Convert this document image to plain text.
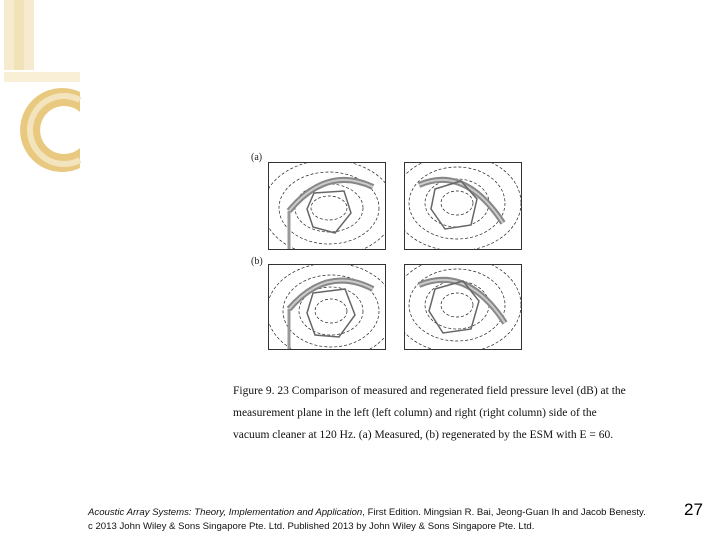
(a)
(b)
Figure 9. 23 Comparison of measured and regenerated field pressure level (dB) at the
measurement plane in the left (left column) and right (right column) side of the
vacuum cleaner at 120 Hz. (a) Measured, (b) regenerated by the ESM with E = 60.
Acoustic Array Systems: Theory, Implementation and Application, First Edition. Mingsian R. Bai, Jeong-Guan Ih and Jacob Benesty.
c 2013 John Wiley & Sons Singapore Pte. Ltd. Published 2013 by John Wiley & Sons Singapore Pte. Ltd.
27
